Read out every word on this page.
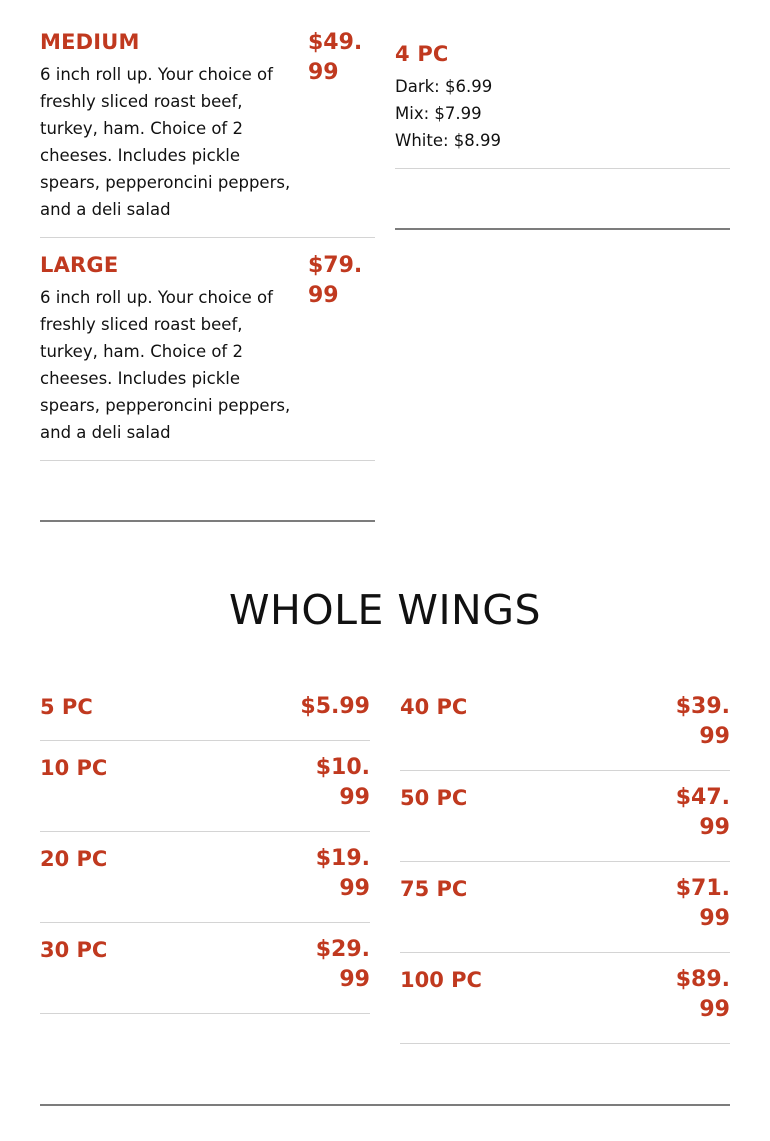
MEDIUM	$49.99
6 inch roll up. Your choice of freshly sliced roast beef, turkey, ham. Choice of 2 cheeses. Includes pickle spears, pepperoncini peppers, and a deli salad
LARGE	$79.99
6 inch roll up. Your choice of freshly sliced roast beef, turkey, ham. Choice of 2 cheeses. Includes pickle spears, pepperoncini peppers, and a deli salad
4 PC
Dark: $6.99
Mix: $7.99
White: $8.99
WHOLE WINGS
5 PC	$5.99
10 PC	$10.99
20 PC	$19.99
30 PC	$29.99
40 PC	$39.99
50 PC	$47.99
75 PC	$71.99
100 PC	$89.99
